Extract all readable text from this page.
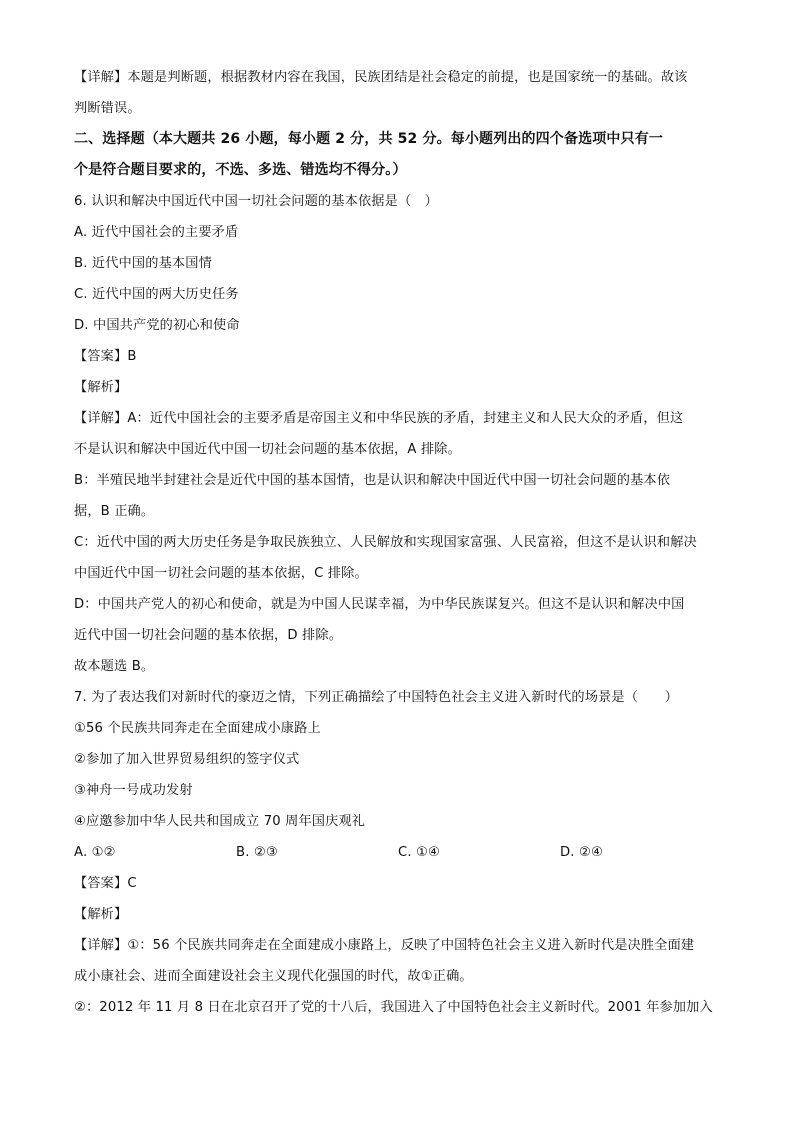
【详解】本题是判断题，根据教材内容在我国，民族团结是社会稳定的前提，也是国家统一的基础。故该
判断错误。
二、选择题（本大题共 26 小题，每小题 2 分，共 52 分。每小题列出的四个备选项中只有一
个是符合题目要求的，不选、多选、错选均不得分。）
6. 认识和解决中国近代中国一切社会问题的基本依据是（　）
A. 近代中国社会的主要矛盾
B. 近代中国的基本国情
C. 近代中国的两大历史任务
D. 中国共产党的初心和使命
【答案】B
【解析】
【详解】A：近代中国社会的主要矛盾是帝国主义和中华民族的矛盾，封建主义和人民大众的矛盾，但这
不是认识和解决中国近代中国一切社会问题的基本依据，A 排除。
B：半殖民地半封建社会是近代中国的基本国情，也是认识和解决中国近代中国一切社会问题的基本依
据，B 正确。
C：近代中国的两大历史任务是争取民族独立、人民解放和实现国家富强、人民富裕，但这不是认识和解决
中国近代中国一切社会问题的基本依据，C 排除。
D：中国共产党人的初心和使命，就是为中国人民谋幸福，为中华民族谋复兴。但这不是认识和解决中国
近代中国一切社会问题的基本依据，D 排除。
故本题选 B。
7. 为了表达我们对新时代的豪迈之情，下列正确描绘了中国特色社会主义进入新时代的场景是（　　）
①56 个民族共同奔走在全面建成小康路上
②参加了加入世界贸易组织的签字仪式
③神舟一号成功发射
④应邀参加中华人民共和国成立 70 周年国庆观礼
A. ①②	B. ②③	C. ①④	D. ②④
【答案】C
【解析】
【详解】①：56 个民族共同奔走在全面建成小康路上，反映了中国特色社会主义进入新时代是决胜全面建
成小康社会、进而全面建设社会主义现代化强国的时代，故①正确。
②：2012 年 11 月 8 日在北京召开了党的十八后，我国进入了中国特色社会主义新时代。2001 年参加加入
